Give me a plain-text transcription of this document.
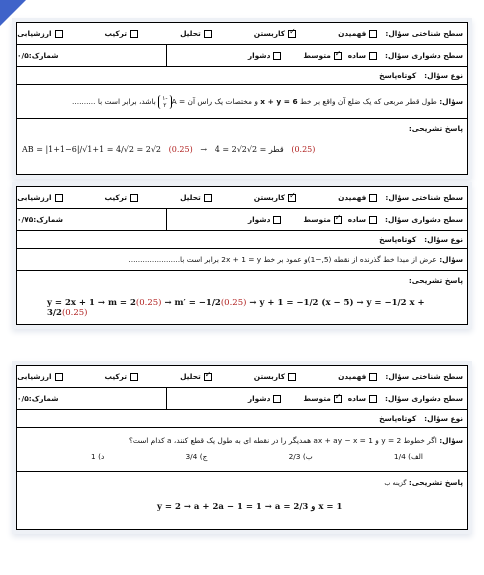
سطح شناختی سؤال:
فهمیدن
✓
کاربستن
تحلیل
ترکیب
ارزشیابی
سطح دشواری سؤال:
ساده
✓
متوسط
دشوار
شمارک:۰/۵
نوع سؤال:
کوتاه‌پاسخ
سؤال:

طول قطر مربعی که یک ضلع آن واقع بر خط

x + y = 6

و مختصات یک راس آن

A =
-۱
۲

باشد، برابر است با ..........
پاسخ تشریحی:
AB = |1+1−6|/√1+1 = 4/√2 = 2√2 (0.25) → قطر = 2√2√2 = 4 (0.25)
سطح شناختی سؤال:
فهمیدن
✓
کاربستن
تحلیل
ترکیب
ارزشیابی
سطح دشواری سؤال:
ساده
✓
متوسط
دشوار
شمارک:۰/۷۵
نوع سؤال:
کوتاه‌پاسخ
سؤال:

عرض از مبدا خط گذرنده از نقطه (5,−1)و عمود بر خط 2x + 1 = y برابر است با......................
پاسخ تشریحی:
y = 2x + 1 → m = 2(0.25) → m′ = −1/2(0.25) → y + 1 = −1/2 (x − 5) → y = −1/2 x + 3/2(0.25)
سطح شناختی سؤال:
فهمیدن
کاربستن
✓
تحلیل
ترکیب
ارزشیابی
سطح دشواری سؤال:
ساده
✓
متوسط
دشوار
شمارک:۰/۵
نوع سؤال:
کوتاه‌پاسخ
سؤال: اگر خطوط y = 2 و ax + ay − x = 1 همدیگر را در نقطه ای به طول یک قطع کنند، a کدام است؟
الف) 1/4
ب) 2/3
ج) 3/4
د) 1
پاسخ تشریحی: گزینه ب
x = 1 و y = 2 → a + 2a − 1 = 1 → a = 2/3
